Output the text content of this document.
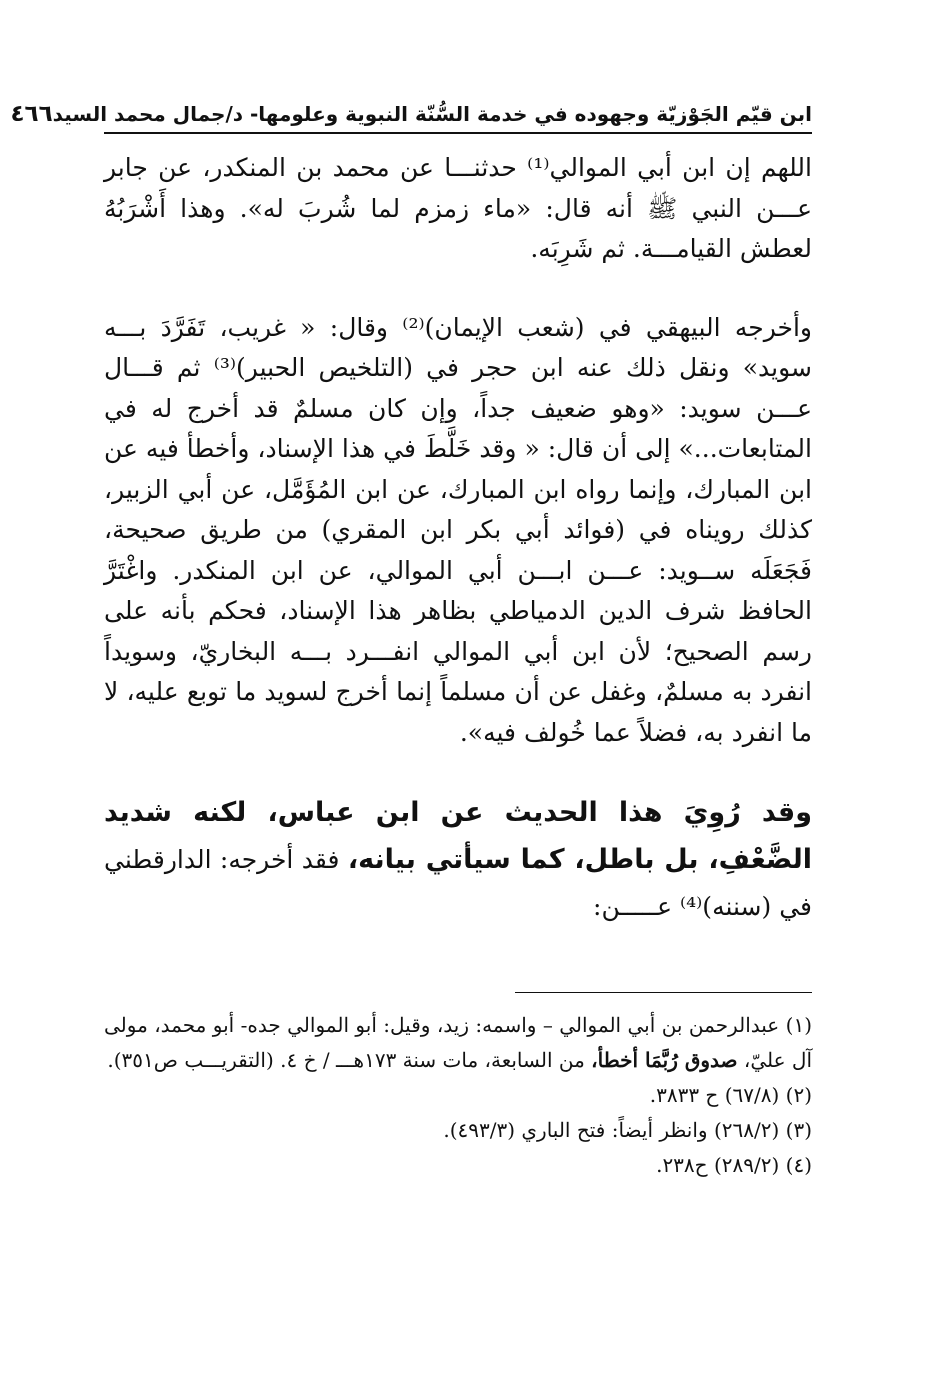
ابن قيّم الجَوْزيّة وجهوده في خدمة السُّنّة النبوية وعلومها- د/جمال محمد السيد
٤٦٦

اللهم إن ابن أبي الموالي⁽¹⁾ حدثنـــا عن محمد بن المنكدر، عن جابر عـــن النبي ﷺ أنه قال: «ماء زمزم لما شُربَ له». وهذا أَشْرَبُهُ لعطش القيامـــة. ثم شَرِبَه.

وأخرجه البيهقي في (شعب الإيمان)⁽²⁾ وقال: « غريب، تَفَرَّدَ بـــه سويد» ونقل ذلك عنه ابن حجر في (التلخيص الحبير)⁽³⁾ ثم قـــال عـــن سويد: «وهو ضعيف جداً، وإن كان مسلمٌ قد أخرج له في المتابعات...» إلى أن قال: « وقد خَلَّطَ في هذا الإسناد، وأخطأ فيه عن ابن المبارك، وإنما رواه ابن المبارك، عن ابن المُؤَمَّل، عن أبي الزبير، كذلك رويناه في (فوائد أبي بكر ابن المقري) من طريق صحيحة، فَجَعَلَه ســويد: عـــن ابـــن أبي الموالي، عن ابن المنكدر. واغْتَرَّ الحافظ شرف الدين الدمياطي بظاهر هذا الإسناد، فحكم بأنه على رسم الصحيح؛ لأن ابن أبي الموالي انفـــرد بـــه البخاريّ، وسويداً انفرد به مسلمٌ، وغفل عن أن مسلماً إنما أخرج لسويد ما توبع عليه، لا ما انفرد به، فضلاً عما خُولف فيه».

وقد رُوِيَ هذا الحديث عن ابن عباس، لكنه شديد الضَّعْفِ، بل باطل، كما سيأتي بيانه، فقد أخرجه: الدارقطني في (سننه)⁽⁴⁾ عـــــن:

(١) عبدالرحمن بن أبي الموالي – واسمه: زيد، وقيل: أبو الموالي جده- أبو محمد، مولى آل عليّ، صدوق رُبَّمَا أخطأ، من السابعة، مات سنة ١٧٣هـــ / خ ٤. (التقريـــب ص٣٥١).

(٢) (٦٧/٨) ح ٣٨٣٣.

(٣) (٢٦٨/٢) وانظر أيضاً: فتح الباري (٤٩٣/٣).

(٤) (٢٨٩/٢) ح٢٣٨.
